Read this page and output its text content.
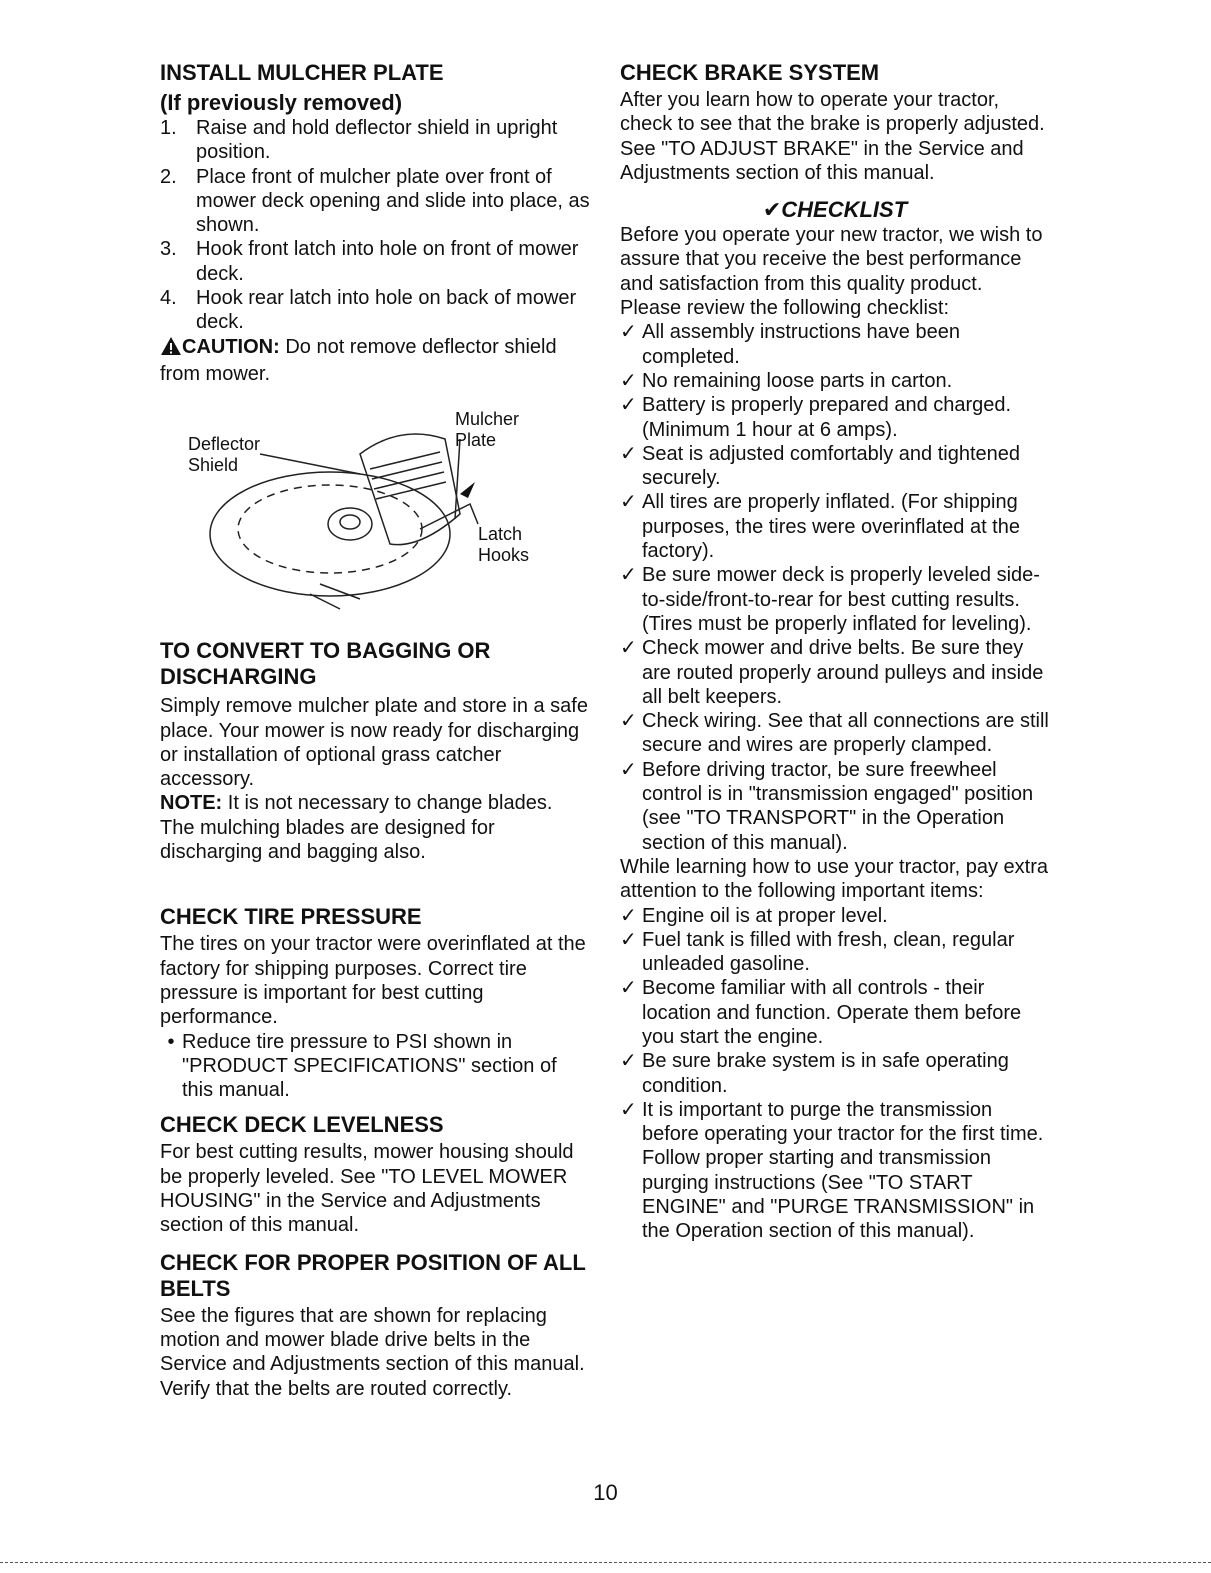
INSTALL MULCHER PLATE
(If previously removed)
1. Raise and hold deflector shield in upright position.
2. Place front of mulcher plate over front of mower deck opening and slide into place, as shown.
3. Hook front latch into hole on front of mower deck.
4. Hook rear latch into hole on back of mower deck.

CAUTION: Do not remove deflector shield from mower.

Deflector
Shield
Mulcher
Plate
Latch
Hooks
TO CONVERT TO BAGGING OR DISCHARGING

Simply remove mulcher plate and store in a safe place. Your mower is now ready for discharging or installation of optional grass catcher accessory.

NOTE: It is not necessary to change blades. The mulching blades are designed for discharging and bagging also.

CHECK TIRE PRESSURE

The tires on your tractor were overinflated at the factory for shipping purposes. Correct tire pressure is important for best cutting performance.

• Reduce tire pressure to PSI shown in "PRODUCT SPECIFICATIONS" section of this manual.
CHECK DECK LEVELNESS

For best cutting results, mower housing should be properly leveled. See "TO LEVEL MOWER HOUSING" in the Service and Adjustments section of this manual.

CHECK FOR PROPER POSITION OF ALL BELTS

See the figures that are shown for replacing motion and mower blade drive belts in the Service and Adjustments section of this manual. Verify that the belts are routed correctly.

CHECK BRAKE SYSTEM

After you learn how to operate your tractor, check to see that the brake is properly adjusted. See "TO ADJUST BRAKE" in the Service and Adjustments section of this manual.

✔CHECKLIST

Before you operate your new tractor, we wish to assure that you receive the best performance and satisfaction from this quality product.

Please review the following checklist:

✓ All assembly instructions have been completed.
✓ No remaining loose parts in carton.
✓ Battery is properly prepared and charged. (Minimum 1 hour at 6 amps).
✓ Seat is adjusted comfortably and tightened securely.
✓ All tires are properly inflated. (For shipping purposes, the tires were overinflated at the factory).
✓ Be sure mower deck is properly leveled side-to-side/front-to-rear for best cutting results. (Tires must be properly inflated for leveling).
✓ Check mower and drive belts. Be sure they are routed properly around pulleys and inside all belt keepers.
✓ Check wiring. See that all connections are still secure and wires are properly clamped.
✓ Before driving tractor, be sure freewheel control is in "transmission engaged" position (see "TO TRANSPORT" in the Operation section of this manual).

While learning how to use your tractor, pay extra attention to the following important items:

✓ Engine oil is at proper level.
✓ Fuel tank is filled with fresh, clean, regular unleaded gasoline.
✓ Become familiar with all controls - their location and function. Operate them before you start the engine.
✓ Be sure brake system is in safe operating condition.
✓ It is important to purge the transmission before operating your tractor for the first time. Follow proper starting and transmission purging instructions (See "TO START ENGINE" and "PURGE TRANSMISSION" in the Operation section of this manual).
10
